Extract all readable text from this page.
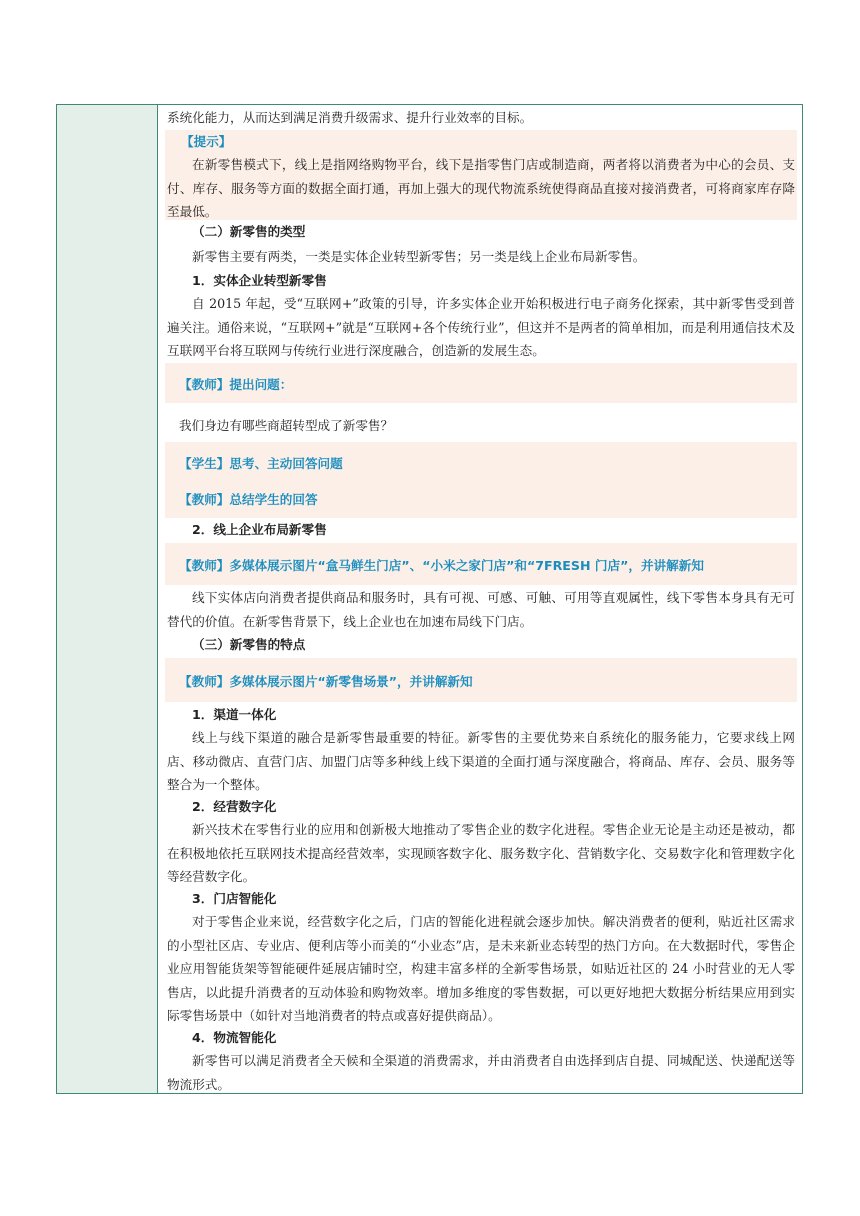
系统化能力，从而达到满足消费升级需求、提升行业效率的目标。

【提示】

在新零售模式下，线上是指网络购物平台，线下是指零售门店或制造商，两者将以消费者为中心的会员、支付、库存、服务等方面的数据全面打通，再加上强大的现代物流系统使得商品直接对接消费者，可将商家库存降至最低。

（二）新零售的类型

新零售主要有两类，一类是实体企业转型新零售；另一类是线上企业布局新零售。

1．实体企业转型新零售

自 2015 年起，受“互联网+”政策的引导，许多实体企业开始积极进行电子商务化探索，其中新零售受到普遍关注。通俗来说，“互联网+”就是“互联网+各个传统行业”，但这并不是两者的简单相加，而是利用通信技术及互联网平台将互联网与传统行业进行深度融合，创造新的发展生态。

【教师】提出问题：
我们身边有哪些商超转型成了新零售？
【学生】思考、主动回答问题
【教师】总结学生的回答

2．线上企业布局新零售

【教师】多媒体展示图片“盒马鲜生门店”、“小米之家门店”和“7FRESH 门店”，并讲解新知

线下实体店向消费者提供商品和服务时，具有可视、可感、可触、可用等直观属性，线下零售本身具有无可替代的价值。在新零售背景下，线上企业也在加速布局线下门店。

（三）新零售的特点

【教师】多媒体展示图片“新零售场景”，并讲解新知

1．渠道一体化

线上与线下渠道的融合是新零售最重要的特征。新零售的主要优势来自系统化的服务能力，它要求线上网店、移动微店、直营门店、加盟门店等多种线上线下渠道的全面打通与深度融合，将商品、库存、会员、服务等整合为一个整体。

2．经营数字化

新兴技术在零售行业的应用和创新极大地推动了零售企业的数字化进程。零售企业无论是主动还是被动，都在积极地依托互联网技术提高经营效率，实现顾客数字化、服务数字化、营销数字化、交易数字化和管理数字化等经营数字化。

3．门店智能化

对于零售企业来说，经营数字化之后，门店的智能化进程就会逐步加快。解决消费者的便利，贴近社区需求的小型社区店、专业店、便利店等小而美的“小业态”店，是未来新业态转型的热门方向。在大数据时代，零售企业应用智能货架等智能硬件延展店铺时空，构建丰富多样的全新零售场景，如贴近社区的 24 小时营业的无人零售店，以此提升消费者的互动体验和购物效率。增加多维度的零售数据，可以更好地把大数据分析结果应用到实际零售场景中（如针对当地消费者的特点或喜好提供商品）。

4．物流智能化

新零售可以满足消费者全天候和全渠道的消费需求，并由消费者自由选择到店自提、同城配送、快递配送等物流形式。
